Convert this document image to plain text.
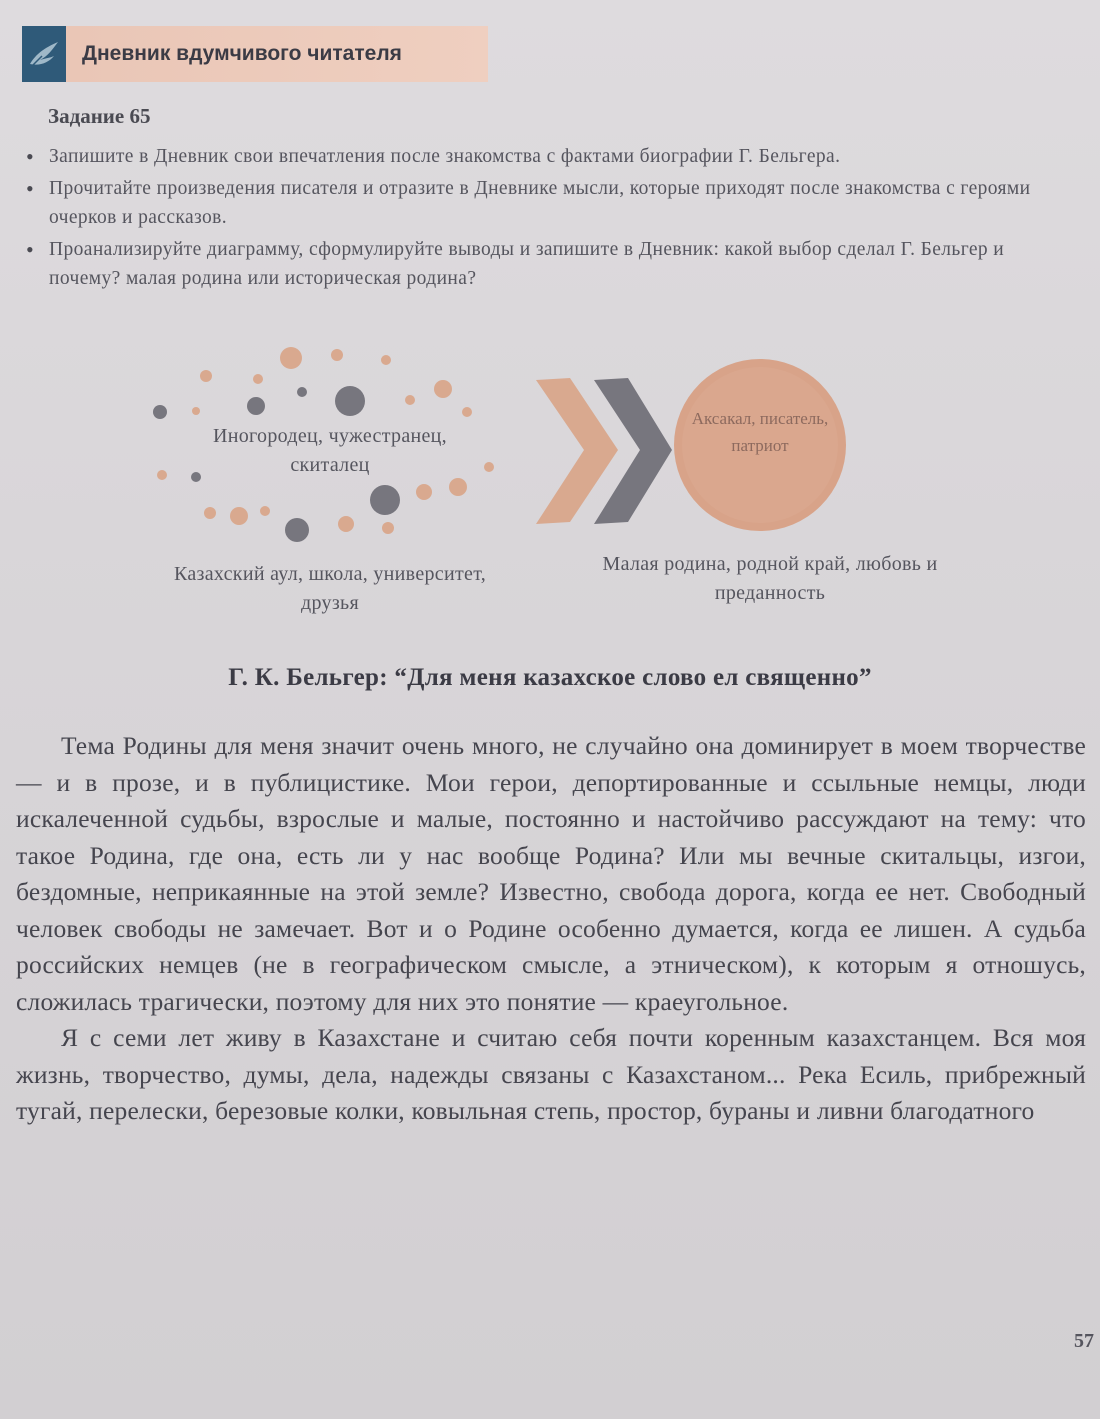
Дневник вдумчивого читателя
Задание 65
• Запишите в Дневник свои впечатления после знакомства с фактами биографии Г. Бельгера.
• Прочитайте произведения писателя и отразите в Дневнике мысли, которые приходят после знакомства с героями очерков и рассказов.
• Проанализируйте диаграмму, сформулируйте выводы и запишите в Дневник: какой выбор сделал Г. Бельгер и почему? малая родина или историческая родина?
Иногородец, чужестранец, скиталец
Казахский аул, школа, университет, друзья
Малая родина, родной край, любовь и преданность
Аксакал, писатель, патриот
Г. К. Бельгер: “Для меня казахское слово ел священно”

Тема Родины для меня значит очень много, не случайно она доминирует в моем творчестве — и в прозе, и в публицистике. Мои герои, депортированные и ссыльные немцы, люди искалеченной судьбы, взрослые и малые, постоянно и настойчиво рассуждают на тему: что такое Родина, где она, есть ли у нас вообще Родина? Или мы вечные скитальцы, изгои, бездомные, неприкаянные на этой земле? Известно, свобода дорога, когда ее нет. Свободный человек свободы не замечает. Вот и о Родине особенно думается, когда ее лишен. А судьба российских немцев (не в географическом смысле, а этническом), к которым я отношусь, сложилась трагически, поэтому для них это понятие — краеугольное.

Я с семи лет живу в Казахстане и считаю себя почти коренным казахстанцем. Вся моя жизнь, творчество, думы, дела, надежды связаны с Казахстаном... Река Есиль, прибрежный тугай, перелески, березовые колки, ковыльная степь, простор, бураны и ливни благодатного

57
